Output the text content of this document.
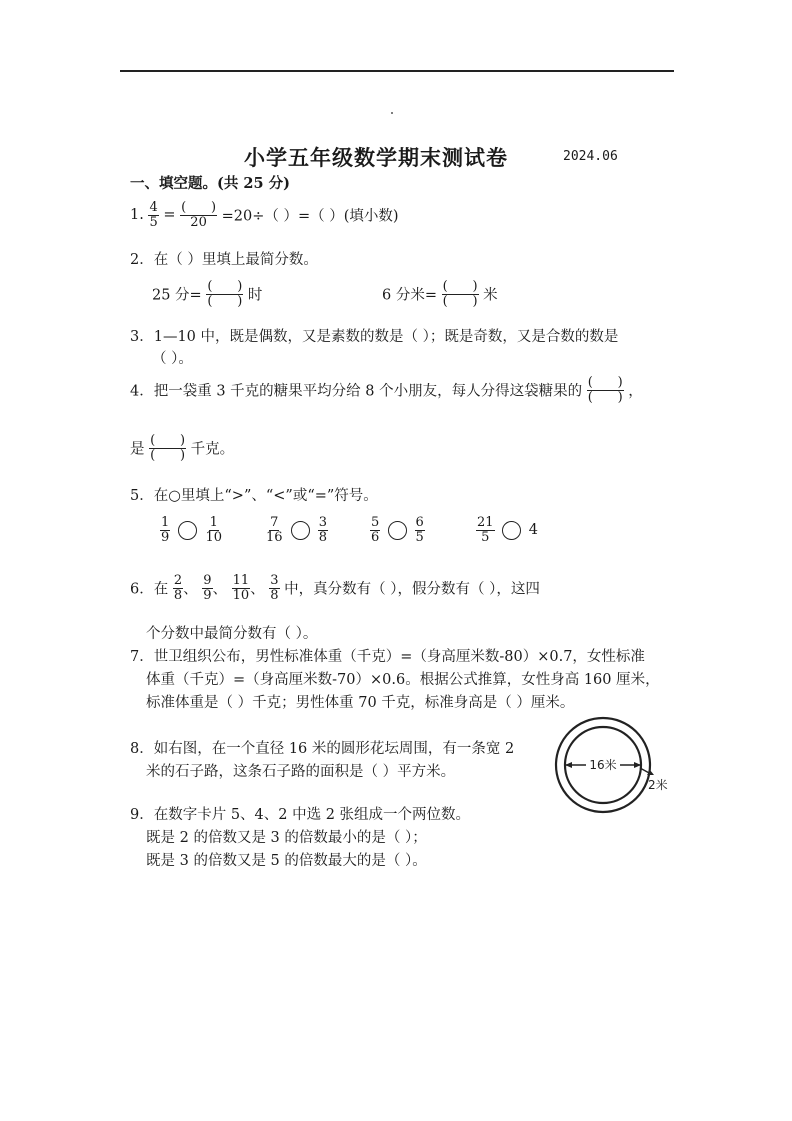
小学五年级数学期末测试卷	2024.06
一、填空题。(共 25 分)
1. $\frac{4}{5} = \frac{( )}{20} =20\div$（ ）=（ ）(填小数)
2．在（ ）里填上最简分数。
25 分= $\frac{( )}{( )}$ 时	6 分米= $\frac{( )}{( )}$ 米
3．1—10 中，既是偶数，又是素数的数是（ ）；既是奇数，又是合数的数是
（ ）。
4．把一袋重 3 千克的糖果平均分给 8 个小朋友，每人分得这袋糖果的 $\frac{( )}{( )}$ ，
是 $\frac{( )}{( )}$ 千克。
5．在○里填上“>”、“<”或“=”符号。
$\frac{1}{9}$
	$\frac{1}{10}$	$\frac{7}{16}$
	$\frac{3}{8}$	$\frac{5}{6}$
	$\frac{6}{5}$	$\frac{21}{5} 4$
6．在 $\frac{2}{8}$ 、 $\frac{9}{9}$ 、 $\frac{11}{10}$ 、 $\frac{3}{8}$ 中，真分数有（ ），假分数有（ ），这四
个分数中最简分数有（ ）。
7．世卫组织公布，男性标准体重（千克）=（身高厘米数-80）×0.7，女性标准
体重（千克）=（身高厘米数-70）×0.6。根据公式推算，女性身高 160 厘米，
标准体重是（ ）千克；男性体重 70 千克，标准身高是（ ）厘米。
8．如右图，在一个直径 16 米的圆形花坛周围，有一条宽 2
米的石子路，这条石子路的面积是（ ）平方米。	16米
2米
9．在数字卡片 5、4、2 中选 2 张组成一个两位数。
既是 2 的倍数又是 3 的倍数最小的是（ ）；
既是 3 的倍数又是 5 的倍数最大的是（ ）。
